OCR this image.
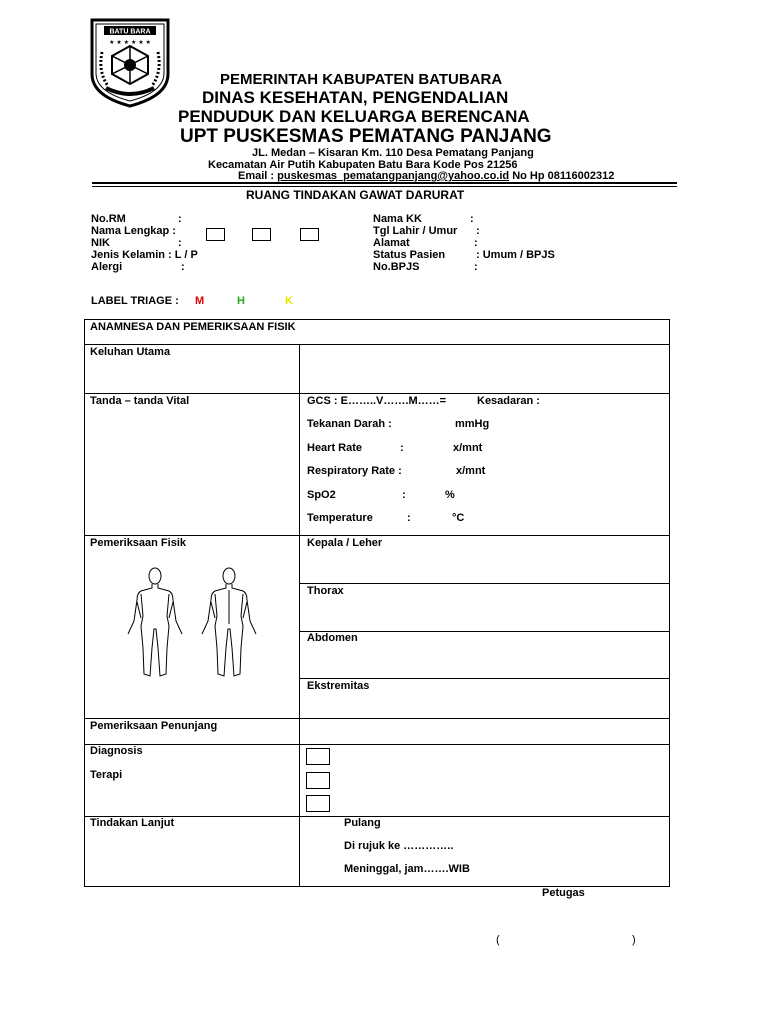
BATU BARA
★ ★ ★ ★ ★ ★
PEMERINTAH KABUPATEN BATUBARA
DINAS KESEHATAN, PENGENDALIAN
PENDUDUK DAN KELUARGA BERENCANA
UPT PUSKESMAS PEMATANG PANJANG
JL. Medan – Kisaran Km. 110 Desa Pematang Panjang
Kecamatan Air Putih Kabupaten Batu Bara Kode Pos 21256
Email : puskesmas_pematangpanjang@yahoo.co.id No Hp 08116002312
RUANG TINDAKAN GAWAT DARURAT
No.RM	:
Nama Lengkap :
NIK	:
Jenis Kelamin : L / P
Alergi	:
Nama KK	:
Tgl Lahir / Umur :
Alamat	:
Status Pasien	: Umum / BPJS
No.BPJS	:
LABEL TRIAGE : M	H	K
ANAMNESA DAN PEMERIKSAAN FISIK
Keluhan Utama
Tanda – tanda Vital	GCS : E……..V…….M……=	Kesadaran :
Tekanan Darah :	mmHg
Heart Rate	:	x/mnt
Respiratory Rate :	x/mnt
SpO2	:	%
Temperature	:	°C
Pemeriksaan Fisik	Kepala / Leher
Thorax
Abdomen
Ekstremitas
Pemeriksaan Penunjang
Diagnosis
Terapi
Tindakan Lanjut	Pulang
Di rujuk ke …………..
Meninggal, jam…….WIB
Petugas
(	)
